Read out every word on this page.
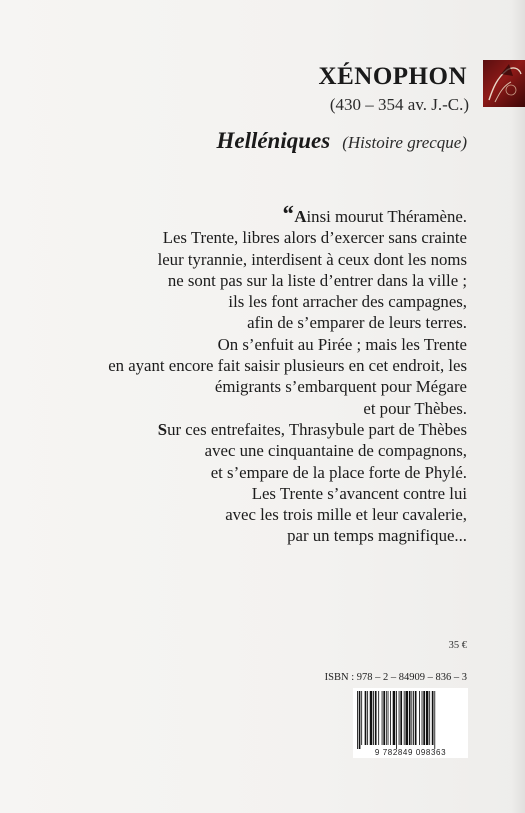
XÉNOPHON
(430 – 354 av. J.-C.)
Helléniques (Histoire grecque)
“ Ainsi mourut Théramène.
Les Trente, libres alors d’exercer sans crainte
leur tyrannie, interdisent à ceux dont les noms
ne sont pas sur la liste d’entrer dans la ville ;
ils les font arracher des campagnes,
afin de s’emparer de leurs terres.
On s’enfuit au Pirée ; mais les Trente
en ayant encore fait saisir plusieurs en cet endroit, les
émigrants s’embarquent pour Mégare
et pour Thèbes.
Sur ces entrefaites, Thrasybule part de Thèbes
avec une cinquantaine de compagnons,
et s’empare de la place forte de Phylé.
Les Trente s’avancent contre lui
avec les trois mille et leur cavalerie,
par un temps magnifique...
35 €
ISBN : 978 – 2 – 84909 – 836 – 3
9 782849 098363
